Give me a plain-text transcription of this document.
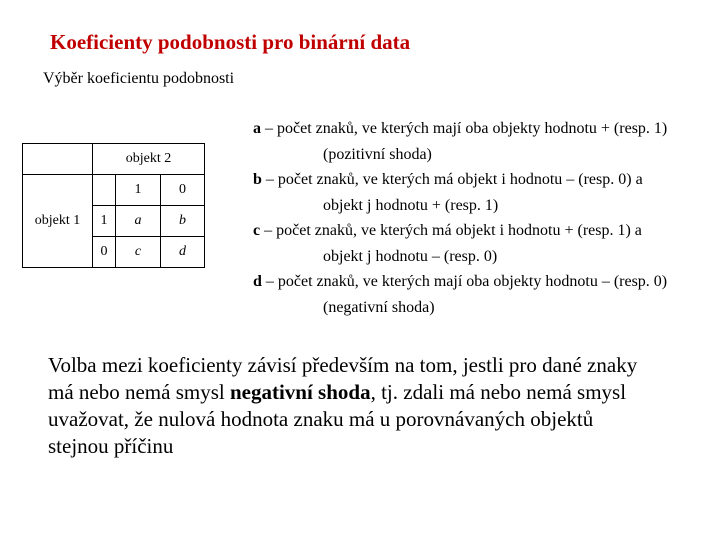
Koeficienty podobnosti pro binární data
Výběr koeficientu podobnosti
	objekt 2		
objekt 1		1	0
	1	a	b
	0	c	d

a – počet znaků, ve kterých mají oba objekty hodnotu + (resp. 1) (pozitivní shoda)

b – počet znaků, ve kterých má objekt i hodnotu – (resp. 0) a objekt j hodnotu + (resp. 1)

c – počet znaků, ve kterých má objekt i hodnotu + (resp. 1) a objekt j hodnotu – (resp. 0)

d – počet znaků, ve kterých mají oba objekty hodnotu – (resp. 0) (negativní shoda)

Volba mezi koeficienty závisí především na tom, jestli pro dané znaky má nebo nemá smysl negativní shoda, tj. zdali má nebo nemá smysl uvažovat, že nulová hodnota znaku má u porovnávaných objektů stejnou příčinu
